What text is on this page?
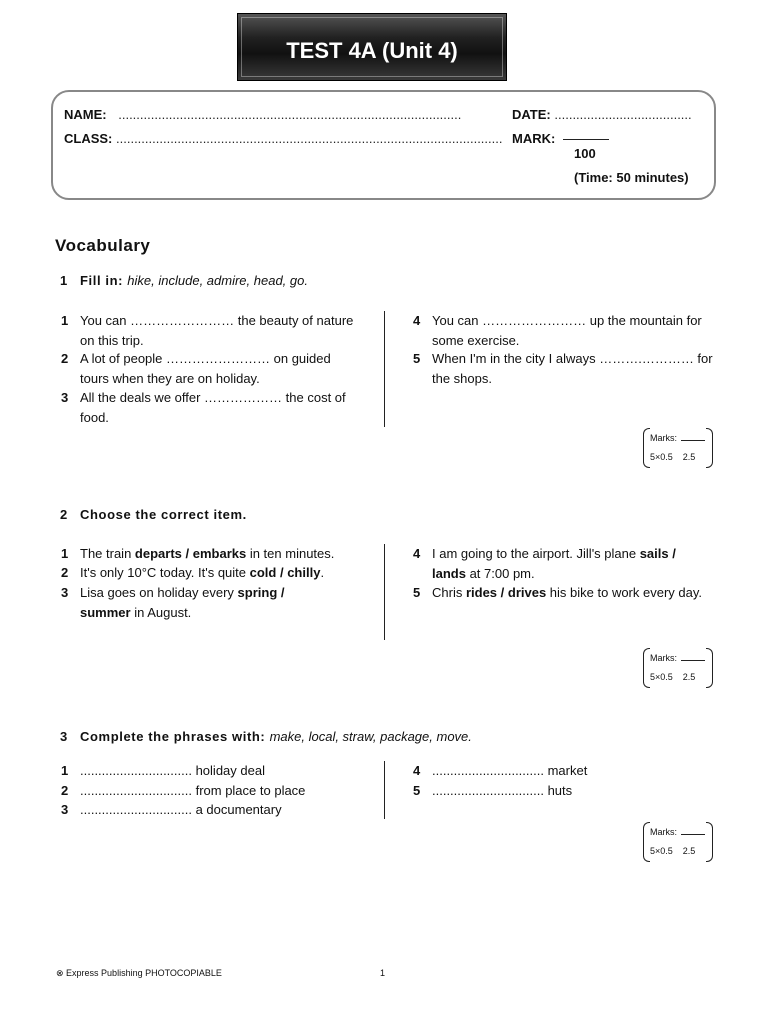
TEST 4A (Unit 4)
NAME: ...............................................................................................	DATE: ......................................
CLASS: ........................................................................................................... MARK:
100
(Time: 50 minutes)
Vocabulary
1 Fill in: hike, include, admire, head, go.
1 You can …………………… the beauty of nature on this trip.
2 A lot of people …………………… on guided tours when they are on holiday.
3 All the deals we offer ……………… the cost of food.
4 You can …………………… up the mountain for some exercise.
5 When I'm in the city I always ……….………… for the shops.
Marks:
5×0.5 2.5
2 Choose the correct item.
1 The train departs / embarks in ten minutes.
2 It's only 10°C today. It's quite cold / chilly.
3 Lisa goes on holiday every spring /
summer in August.
4 I am going to the airport. Jill's plane sails /
lands at 7:00 pm.
5 Chris rides / drives his bike to work every day.
Marks:
5×0.5 2.5
3 Complete the phrases with: make, local, straw, package, move.
1 ............................... holiday deal
2 ............................... from place to place
3 ............................... a documentary
4 ............................... market
5 ............................... huts
Marks:
5×0.5 2.5
⊗ Express Publishing PHOTOCOPIABLE	1
